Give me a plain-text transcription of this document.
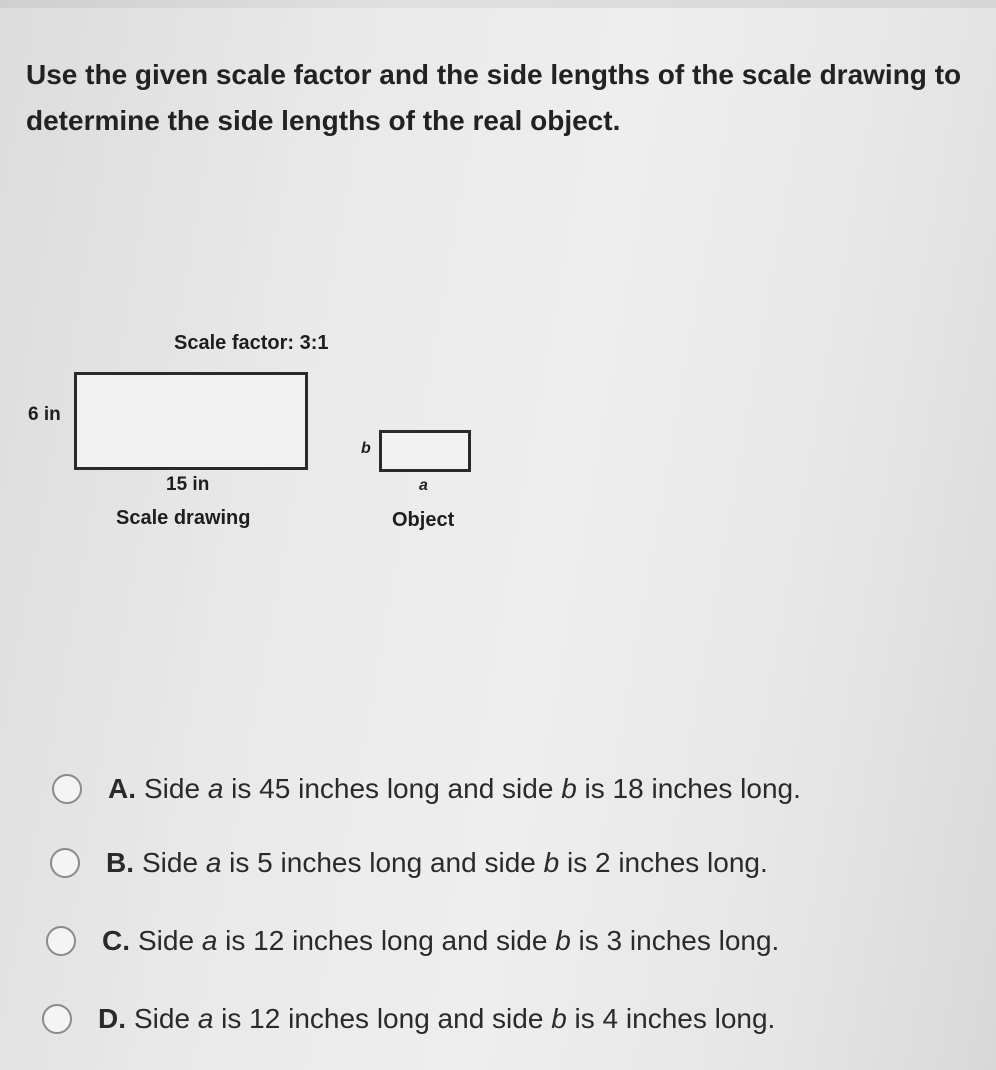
Use the given scale factor and the side lengths of the scale drawing to determine the side lengths of the real object.
Scale factor: 3:1
6 in
15 in
Scale drawing
b
a
Object
A. Side a is 45 inches long and side b is 18 inches long.
B. Side a is 5 inches long and side b is 2 inches long.
C. Side a is 12 inches long and side b is 3 inches long.
D. Side a is 12 inches long and side b is 4 inches long.
